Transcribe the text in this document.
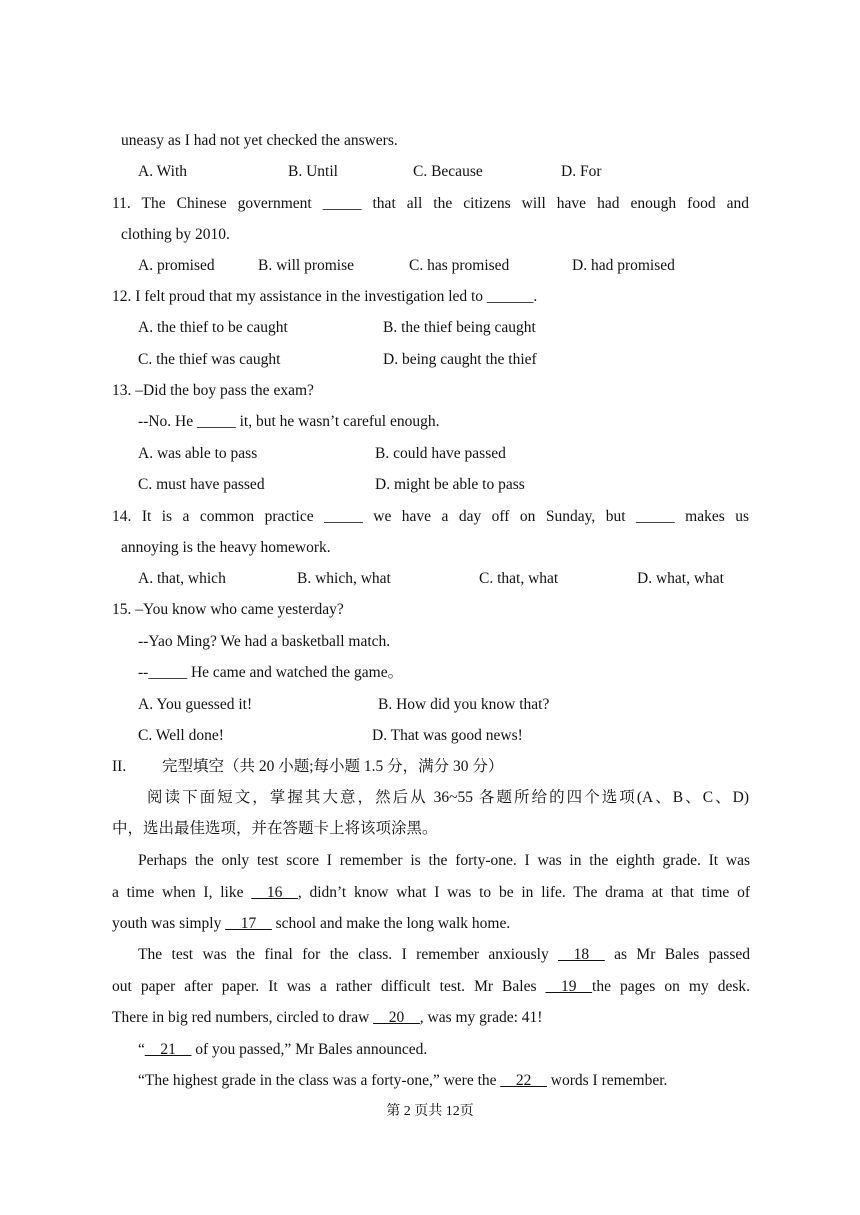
uneasy as I had not yet checked the answers.
A. With	B. Until	C. Because	D. For
11. The Chinese government _____ that all the citizens will have had enough food and
clothing by 2010.
A. promised	B. will promise	C. has promised	D. had promised
12. I felt proud that my assistance in the investigation led to ______.
A. the thief to be caught	B. the thief being caught
C. the thief was caught	D. being caught the thief
13. –Did the boy pass the exam?
--No. He _____ it, but he wasn’t careful enough.
A. was able to pass	B. could have passed
C. must have passed	D. might be able to pass
14. It is a common practice _____ we have a day off on Sunday, but _____ makes us
annoying is the heavy homework.
A. that, which	B. which, what	C. that, what	D. what, what
15. –You know who came yesterday?
--Yao Ming? We had a basketball match.
--_____ He came and watched the game。
A. You guessed it!	B. How did you know that?
C. Well done!	D. That was good news!
II. 完型填空（共 20 小题;每小题 1.5 分，满分 30 分）
阅读下面短文，掌握其大意，然后从 36~55 各题所给的四个选项(A、B、C、D)
中，选出最佳选项，并在答题卡上将该项涂黑。
Perhaps the only test score I remember is the forty-one. I was in the eighth grade. It was
a time when I, like __16__, didn’t know what I was to be in life. The drama at that time of
youth was simply __17__ school and make the long walk home.
The test was the final for the class. I remember anxiously __18__ as Mr Bales passed
out paper after paper. It was a rather difficult test. Mr Bales __19__the pages on my desk.
There in big red numbers, circled to draw __20__, was my grade: 41!
“__21__ of you passed,” Mr Bales announced.
“The highest grade in the class was a forty-one,” were the __22__ words I remember.
第 2 页共 12页
